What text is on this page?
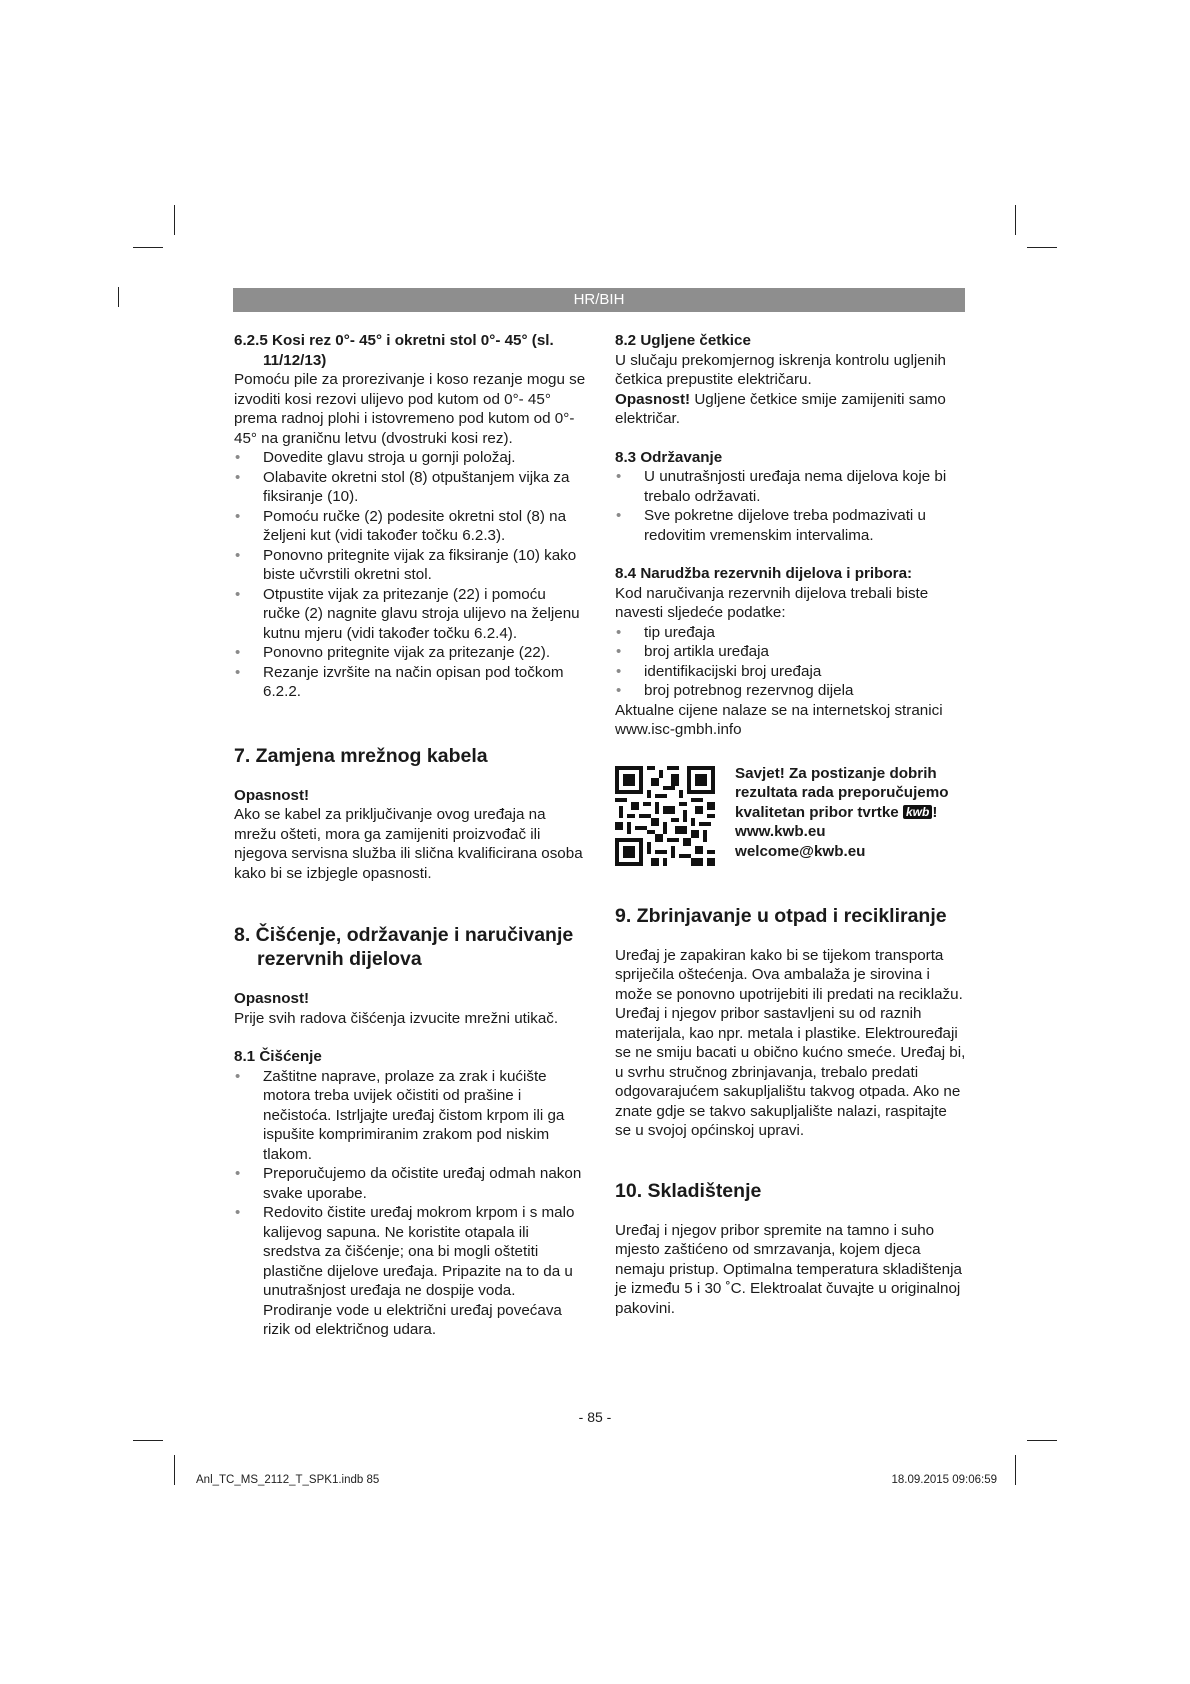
HR/BIH

6.2.5 Kosi rez 0°- 45° i okretni stol 0°- 45° (sl. 11/12/13)

Pomoću pile za prorezivanje i koso rezanje mogu se izvoditi kosi rezovi ulijevo pod kutom od 0°- 45° prema radnoj plohi i istovremeno pod kutom od 0°- 45° na graničnu letvu (dvostruki kosi rez).

• Dovedite glavu stroja u gornji položaj.
• Olabavite okretni stol (8) otpuštanjem vijka za fiksiranje (10).
• Pomoću ručke (2) podesite okretni stol (8) na željeni kut (vidi također točku 6.2.3).
• Ponovno pritegnite vijak za fiksiranje (10) kako biste učvrstili okretni stol.
• Otpustite vijak za pritezanje (22) i pomoću ručke (2) nagnite glavu stroja ulijevo na željenu kutnu mjeru (vidi također točku 6.2.4).
• Ponovno pritegnite vijak za pritezanje (22).
• Rezanje izvršite na način opisan pod točkom 6.2.2.
7. Zamjena mrežnog kabela

Opasnost!

Ako se kabel za priključivanje ovog uređaja na mrežu ošteti, mora ga zamijeniti proizvođač ili njegova servisna služba ili slična kvalificirana osoba kako bi se izbjegle opasnosti.

8. Čišćenje, održavanje i naručivanje rezervnih dijelova

Opasnost!

Prije svih radova čišćenja izvucite mrežni utikač.

8.1 Čišćenje

• Zaštitne naprave, prolaze za zrak i kućište motora treba uvijek očistiti od prašine i nečistoća. Istrljajte uređaj čistom krpom ili ga ispušite komprimiranim zrakom pod niskim tlakom.
• Preporučujemo da očistite uređaj odmah nakon svake uporabe.
• Redovito čistite uređaj mokrom krpom i s malo kalijevog sapuna. Ne koristite otapala ili sredstva za čišćenje; ona bi mogli oštetiti plastične dijelove uređaja. Pripazite na to da u unutrašnjost uređaja ne dospije voda. Prodiranje vode u električni uređaj povećava rizik od električnog udara.

8.2 Ugljene četkice

U slučaju prekomjernog iskrenja kontrolu ugljenih četkica prepustite električaru.

Opasnost! Ugljene četkice smije zamijeniti samo električar.

8.3 Održavanje

• U unutrašnjosti uređaja nema dijelova koje bi trebalo održavati.
• Sve pokretne dijelove treba podmazivati u redovitim vremenskim intervalima.

8.4 Narudžba rezervnih dijelova i pribora:

Kod naručivanja rezervnih dijelova trebali biste navesti sljedeće podatke:

• tip uređaja
• broj artikla uređaja
• identifikacijski broj uređaja
• broj potrebnog rezervnog dijela

Aktualne cijene nalaze se na internetskoj stranici www.isc-gmbh.info

Savjet! Za postizanje dobrih rezultata rada preporučujemo kvalitetan pribor tvrtke kwb !
www.kwb.eu
welcome@kwb.eu
9. Zbrinjavanje u otpad i recikliranje

Uređaj je zapakiran kako bi se tijekom transporta spriječila oštećenja. Ova ambalaža je sirovina i može se ponovno upotrijebiti ili predati na reciklažu. Uređaj i njegov pribor sastavljeni su od raznih materijala, kao npr. metala i plastike. Elektrouređaji se ne smiju bacati u obično kućno smeće. Uređaj bi, u svrhu stručnog zbrinjavanja, trebalo predati odgovarajućem sakupljalištu takvog otpada. Ako ne znate gdje se takvo sakupljalište nalazi, raspitajte se u svojoj općinskoj upravi.

10. Skladištenje

Uređaj i njegov pribor spremite na tamno i suho mjesto zaštićeno od smrzavanja, kojem djeca nemaju pristup. Optimalna temperatura skladištenja je između 5 i 30 ˚C. Elektroalat čuvajte u originalnoj pakovini.

- 85 -
Anl_TC_MS_2112_T_SPK1.indb 85	18.09.2015 09:06:59
